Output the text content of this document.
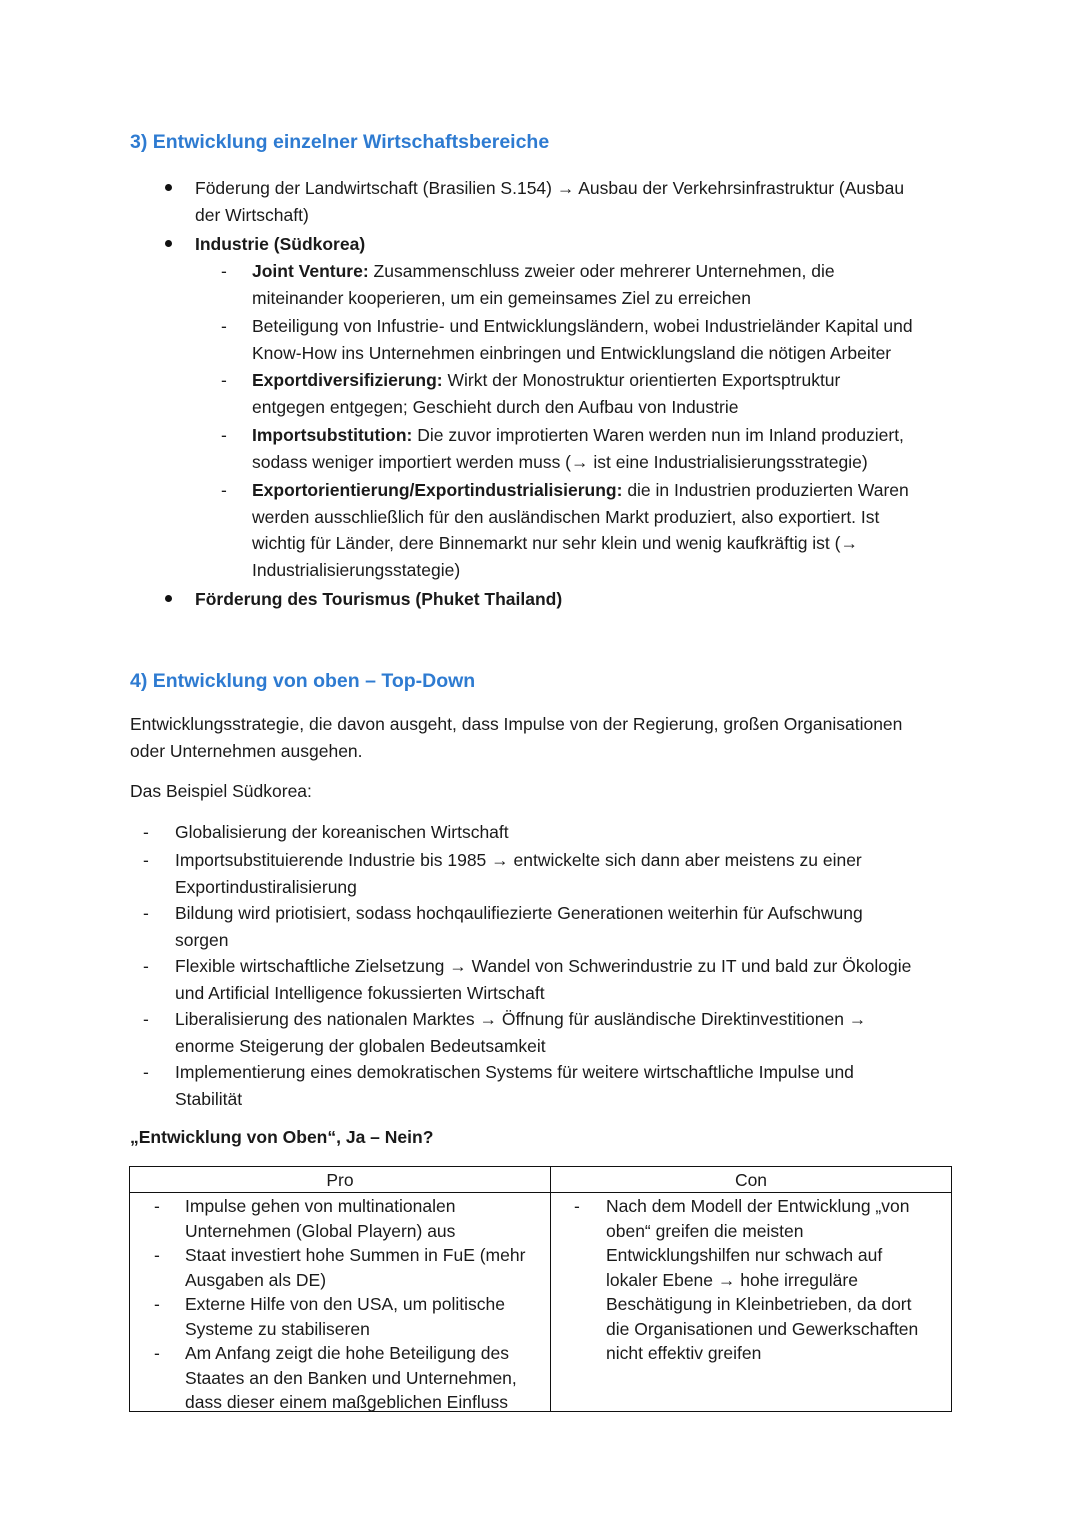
3) Entwicklung einzelner Wirtschaftsbereiche
Föderung der Landwirtschaft (Brasilien S.154) → Ausbau der Verkehrsinfrastruktur (Ausbau
der Wirtschaft)
Industrie (Südkorea)
- Joint Venture: Zusammenschluss zweier oder mehrerer Unternehmen, die
miteinander kooperieren, um ein gemeinsames Ziel zu erreichen
- Beteiligung von Infustrie- und Entwicklungsländern, wobei Industrieländer Kapital und
Know-How ins Unternehmen einbringen und Entwicklungsland die nötigen Arbeiter
- Exportdiversifizierung: Wirkt der Monostruktur orientierten Exportsptruktur
entgegen entgegen; Geschieht durch den Aufbau von Industrie
- Importsubstitution: Die zuvor improtierten Waren werden nun im Inland produziert,
sodass weniger importiert werden muss (→ ist eine Industrialisierungsstrategie)
- Exportorientierung/Exportindustrialisierung: die in Industrien produzierten Waren
werden ausschließlich für den ausländischen Markt produziert, also exportiert. Ist
wichtig für Länder, dere Binnemarkt nur sehr klein und wenig kaufkräftig ist (→
Industrialisierungsstategie)
Förderung des Tourismus (Phuket Thailand)
4) Entwicklung von oben – Top-Down
Entwicklungsstrategie, die davon ausgeht, dass Impulse von der Regierung, großen Organisationen
oder Unternehmen ausgehen.
Das Beispiel Südkorea:
- Globalisierung der koreanischen Wirtschaft
- Importsubstituierende Industrie bis 1985 → entwickelte sich dann aber meistens zu einer
Exportindustiralisierung
- Bildung wird priotisiert, sodass hochqaulifiezierte Generationen weiterhin für Aufschwung
sorgen
- Flexible wirtschaftliche Zielsetzung → Wandel von Schwerindustrie zu IT und bald zur Ökologie
und Artificial Intelligence fokussierten Wirtschaft
- Liberalisierung des nationalen Marktes → Öffnung für ausländische Direktinvestitionen →
enorme Steigerung der globalen Bedeutsamkeit
- Implementierung eines demokratischen Systems für weitere wirtschaftliche Impulse und
Stabilität
„Entwicklung von Oben“, Ja – Nein?
Pro	Con
- Impulse gehen von multinationalen
Unternehmen (Global Playern) aus
- Staat investiert hohe Summen in FuE (mehr
Ausgaben als DE)
- Externe Hilfe von den USA, um politische
Systeme zu stabiliseren
- Am Anfang zeigt die hohe Beteiligung des
Staates an den Banken und Unternehmen,
dass dieser einem maßgeblichen Einfluss
- Nach dem Modell der Entwicklung „von
oben“ greifen die meisten
Entwicklungshilfen nur schwach auf
lokaler Ebene → hohe irreguläre
Beschätigung in Kleinbetrieben, da dort
die Organisationen und Gewerkschaften
nicht effektiv greifen
